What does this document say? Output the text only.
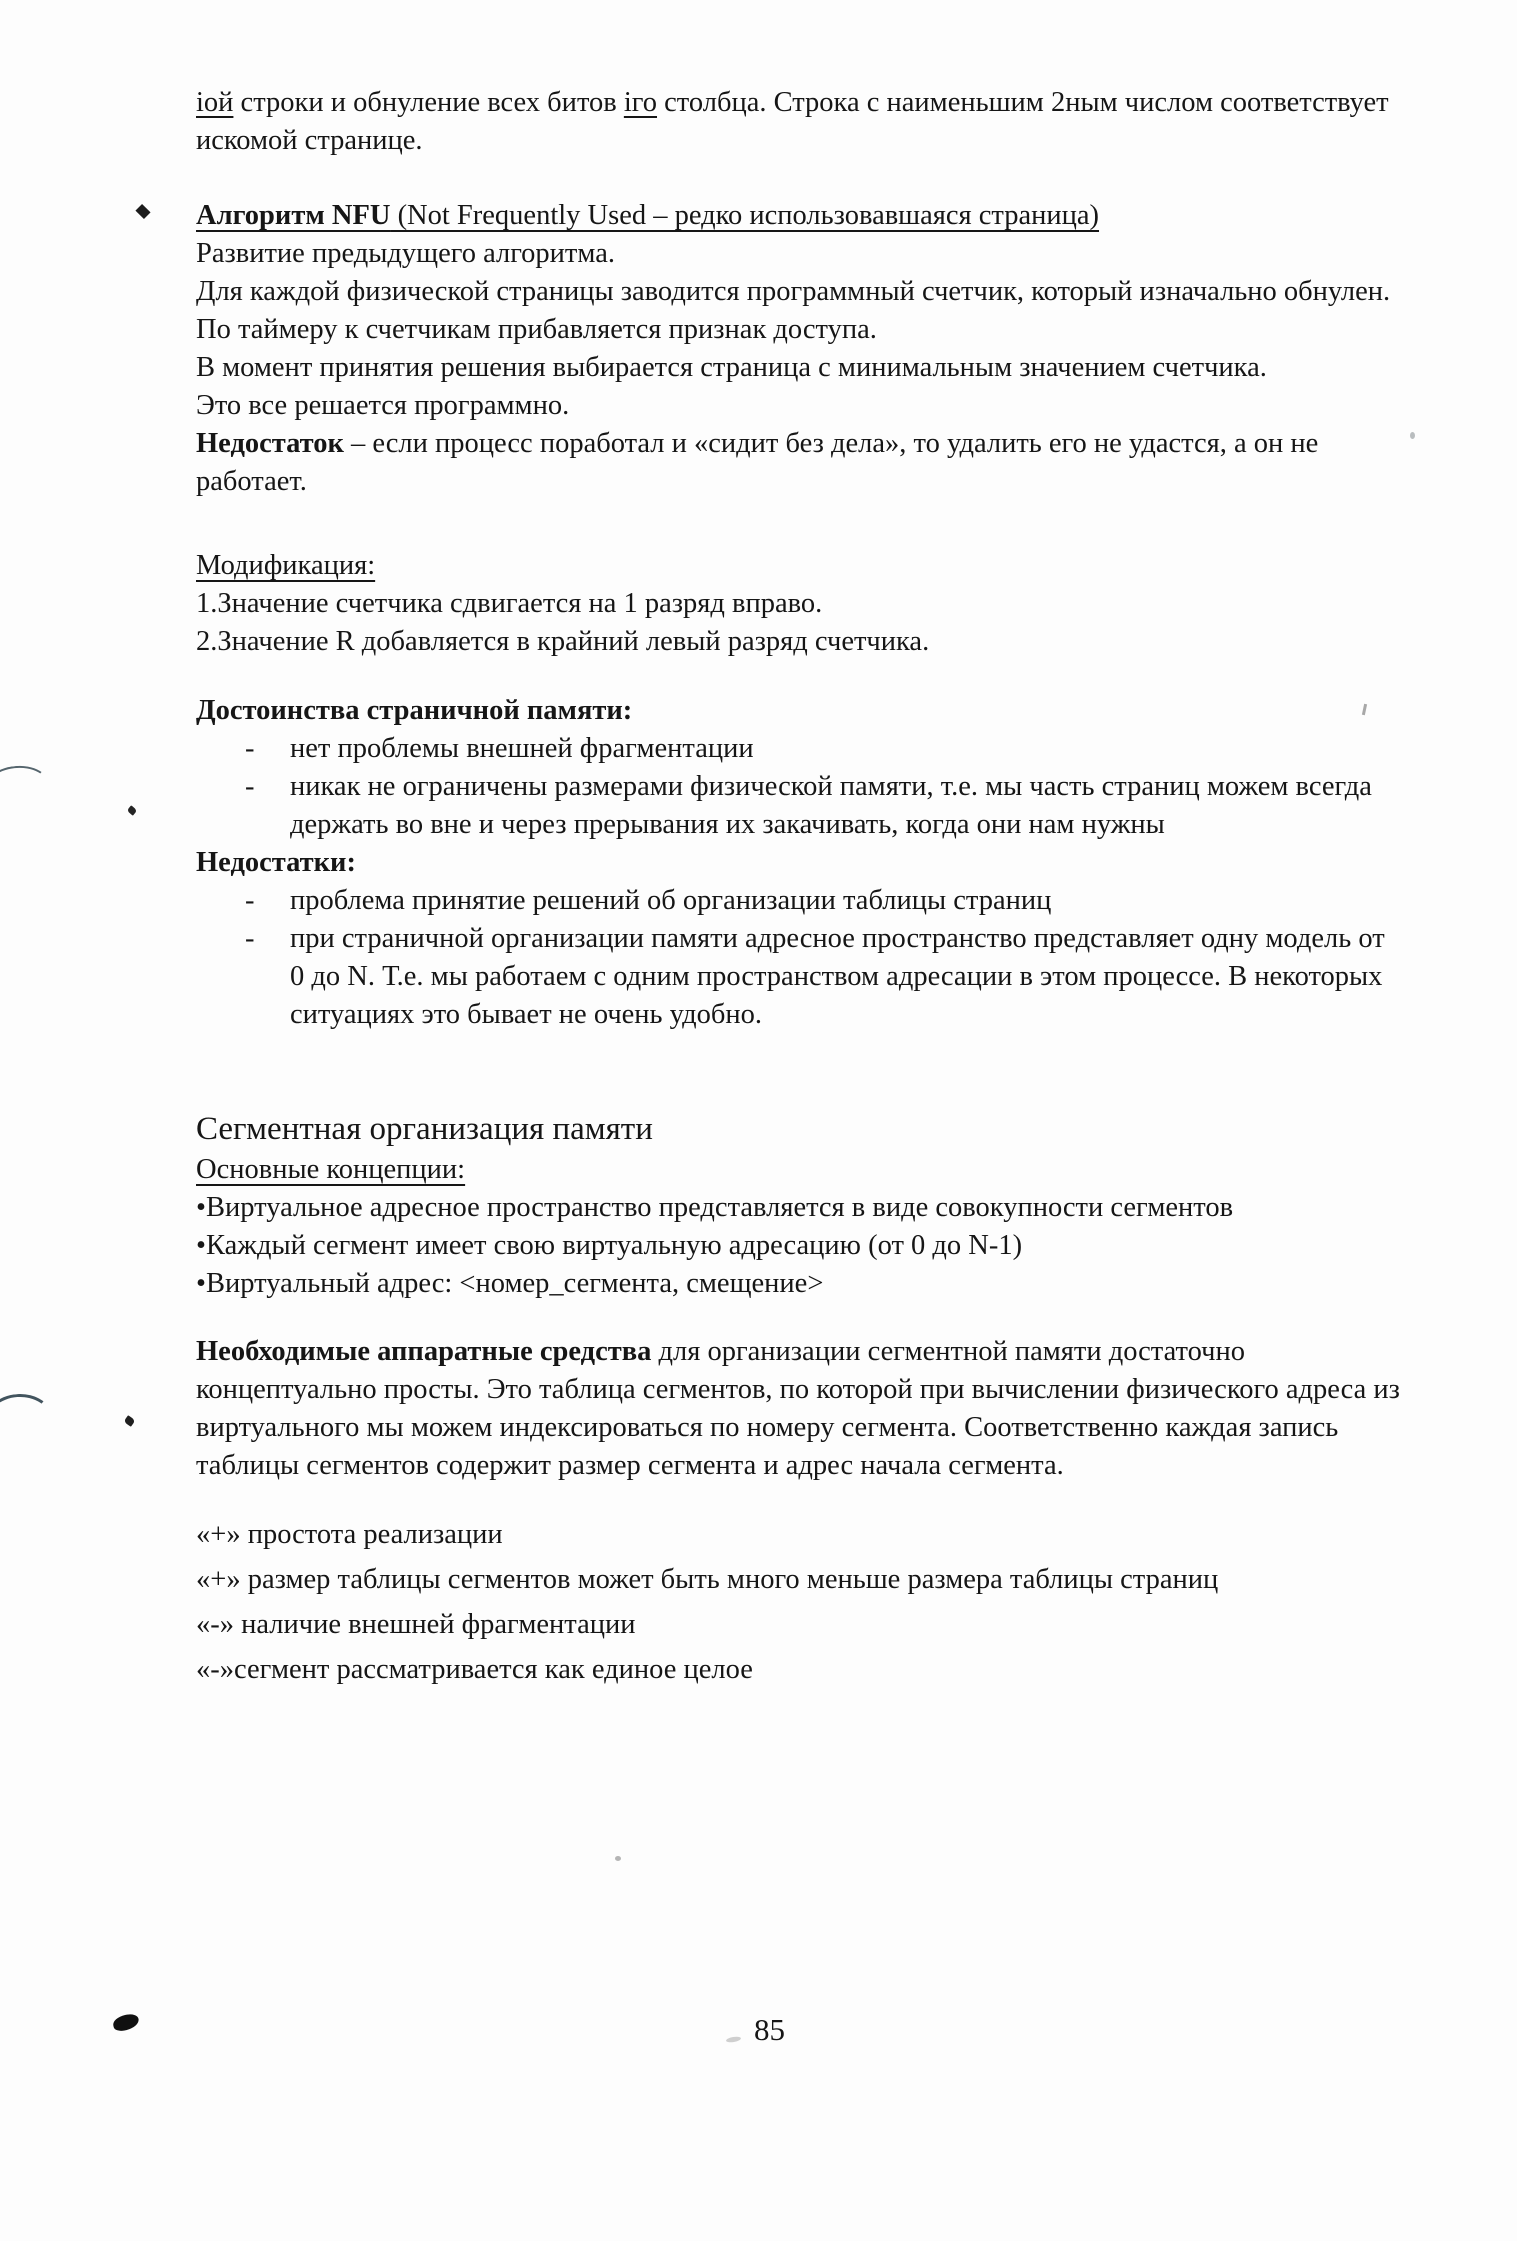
iой строки и обнуление всех битов iго столбца. Строка с наименьшим 2ным числом соответствует искомой странице.

Алгоритм NFU (Not Frequently Used – редко использовавшаяся страница)

Развитие предыдущего алгоритма.

Для каждой физической страницы заводится программный счетчик, который изначально обнулен. По таймеру к счетчикам прибавляется признак доступа.

В момент принятия решения выбирается страница с минимальным значением счетчика.

Это все решается программно.

Недостаток – если процесс поработал и «сидит без дела», то удалить его не удастся, а он не работает.

Модификация:

1.Значение счетчика сдвигается на 1 разряд вправо.

2.Значение R добавляется в крайний левый разряд счетчика.

Достоинства страничной памяти:

-	нет проблемы внешней фрагментации
-	никак не ограничены размерами физической памяти, т.е. мы часть страниц можем всегда держать во вне и через прерывания их закачивать, когда они нам нужны

Недостатки:

-	проблема принятие решений об организации таблицы страниц
-	при страничной организации памяти адресное пространство представляет одну модель от 0 до N. Т.е. мы работаем с одним пространством адресации в этом процессе. В некоторых ситуациях это бывает не очень удобно.

Сегментная организация памяти

Основные концепции:

•Виртуальное адресное пространство представляется в виде совокупности сегментов

•Каждый сегмент имеет свою виртуальную адресацию (от 0 до N-1)

•Виртуальный адрес: <номер_сегмента, смещение>

Необходимые аппаратные средства для организации сегментной памяти достаточно концептуально просты. Это таблица сегментов, по которой при вычислении физического адреса из виртуального мы можем индексироваться по номеру сегмента. Соответственно каждая запись таблицы сегментов содержит размер сегмента и адрес начала сегмента.

«+» простота реализации

«+» размер таблицы сегментов может быть много меньше размера таблицы страниц

«-» наличие внешней фрагментации

«-»сегмент рассматривается как единое целое

85
